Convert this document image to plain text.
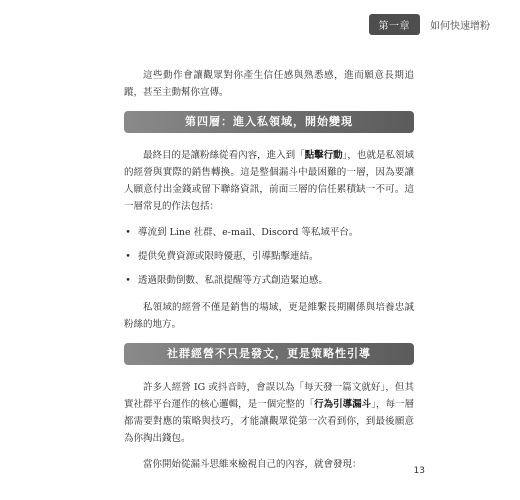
第一章	如何快速增粉

這些動作會讓觀眾對你產生信任感與熟悉感，進而願意長期追蹤，甚至主動幫你宣傳。

第四層：進入私領域，開始變現

最終目的是讓粉絲從看內容，進入到「點擊行動」，也就是私領域的經營與實際的銷售轉換。這是整個漏斗中最困難的一層，因為要讓人願意付出金錢或留下聯絡資訊，前面三層的信任累積缺一不可。這一層常見的作法包括：

• 導流到 Line 社群、e-mail、Discord 等私域平台。
• 提供免費資源或限時優惠，引導點擊連結。
• 透過限動倒數、私訊提醒等方式創造緊迫感。

私領域的經營不僅是銷售的場域，更是維繫長期關係與培養忠誠粉絲的地方。

社群經營不只是發文，更是策略性引導

許多人經營 IG 或抖音時，會誤以為「每天發一篇文就好」，但其實社群平台運作的核心邏輯，是一個完整的「行為引導漏斗」，每一層都需要對應的策略與技巧，才能讓觀眾從第一次看到你，到最後願意為你掏出錢包。

當你開始從漏斗思維來檢視自己的內容，就會發現：

13
